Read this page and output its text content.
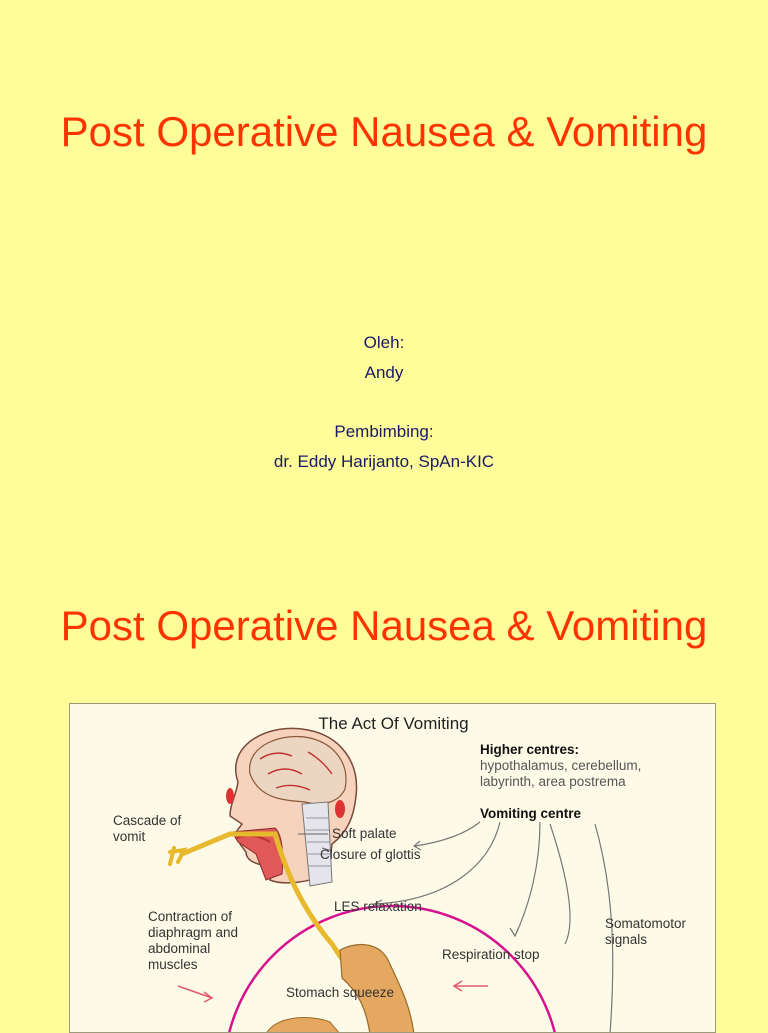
Post Operative Nausea & Vomiting
Oleh:
Andy
Pembimbing:
dr. Eddy Harijanto, SpAn-KIC
Post Operative Nausea & Vomiting
The Act Of Vomiting
Higher centres:
hypothalamus, cerebellum,
labyrinth, area postrema
Vomiting centre
Cascade of vomit	Soft palate
Closure of glottis
LES relaxation
Contraction of diaphragm and abdominal muscles
Somatomotor signals
Respiration stop
Stomach squeeze
